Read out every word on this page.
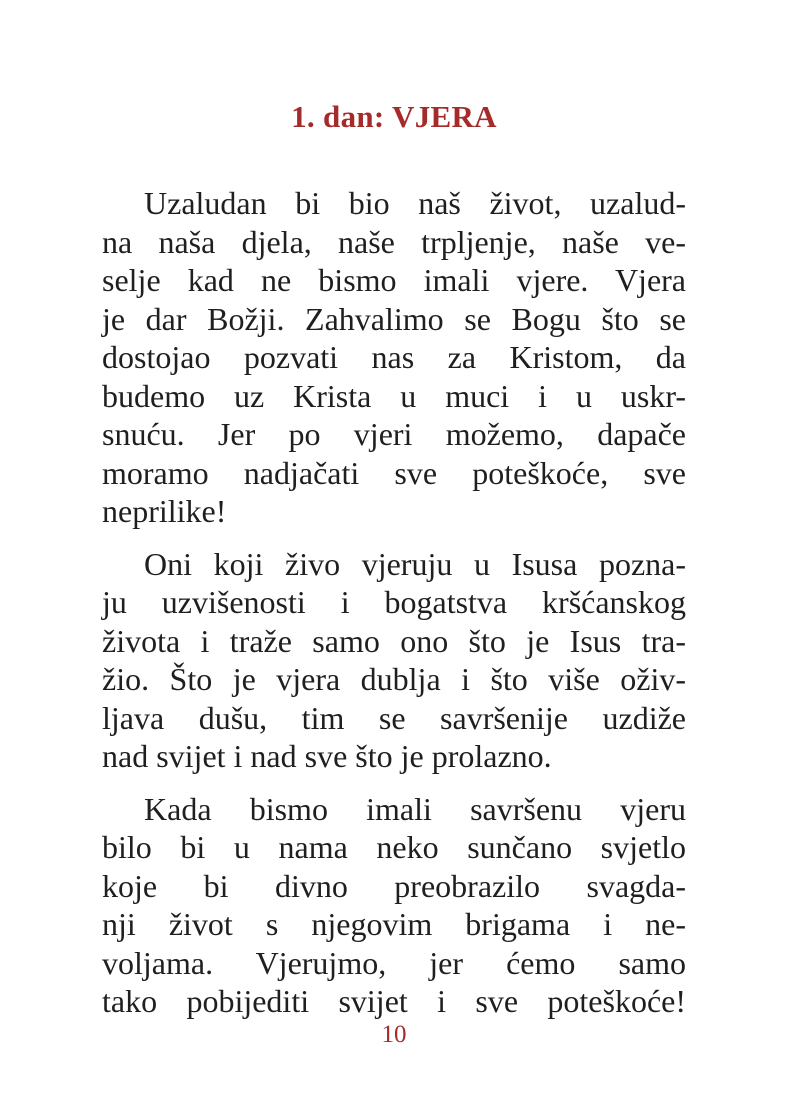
1. dan: VJERA
Uzaludan bi bio naš život, uzalud-
na naša djela, naše trpljenje, naše ve-
selje kad ne bismo imali vjere. Vjera
je dar Božji. Zahvalimo se Bogu što se
dostojao pozvati nas za Kristom, da
budemo uz Krista u muci i u uskr-
snuću. Jer po vjeri možemo, dapače
moramo nadjačati sve poteškoće, sve
neprilike!
Oni koji živo vjeruju u Isusa pozna-
ju uzvišenosti i bogatstva kršćanskog
života i traže samo ono što je Isus tra-
žio. Što je vjera dublja i što više oživ-
ljava dušu, tim se savršenije uzdiže
nad svijet i nad sve što je prolazno.
Kada bismo imali savršenu vjeru
bilo bi u nama neko sunčano svjetlo
koje bi divno preobrazilo svagda-
nji život s njegovim brigama i ne-
voljama. Vjerujmo, jer ćemo samo
tako pobijediti svijet i sve poteškoće!
10
